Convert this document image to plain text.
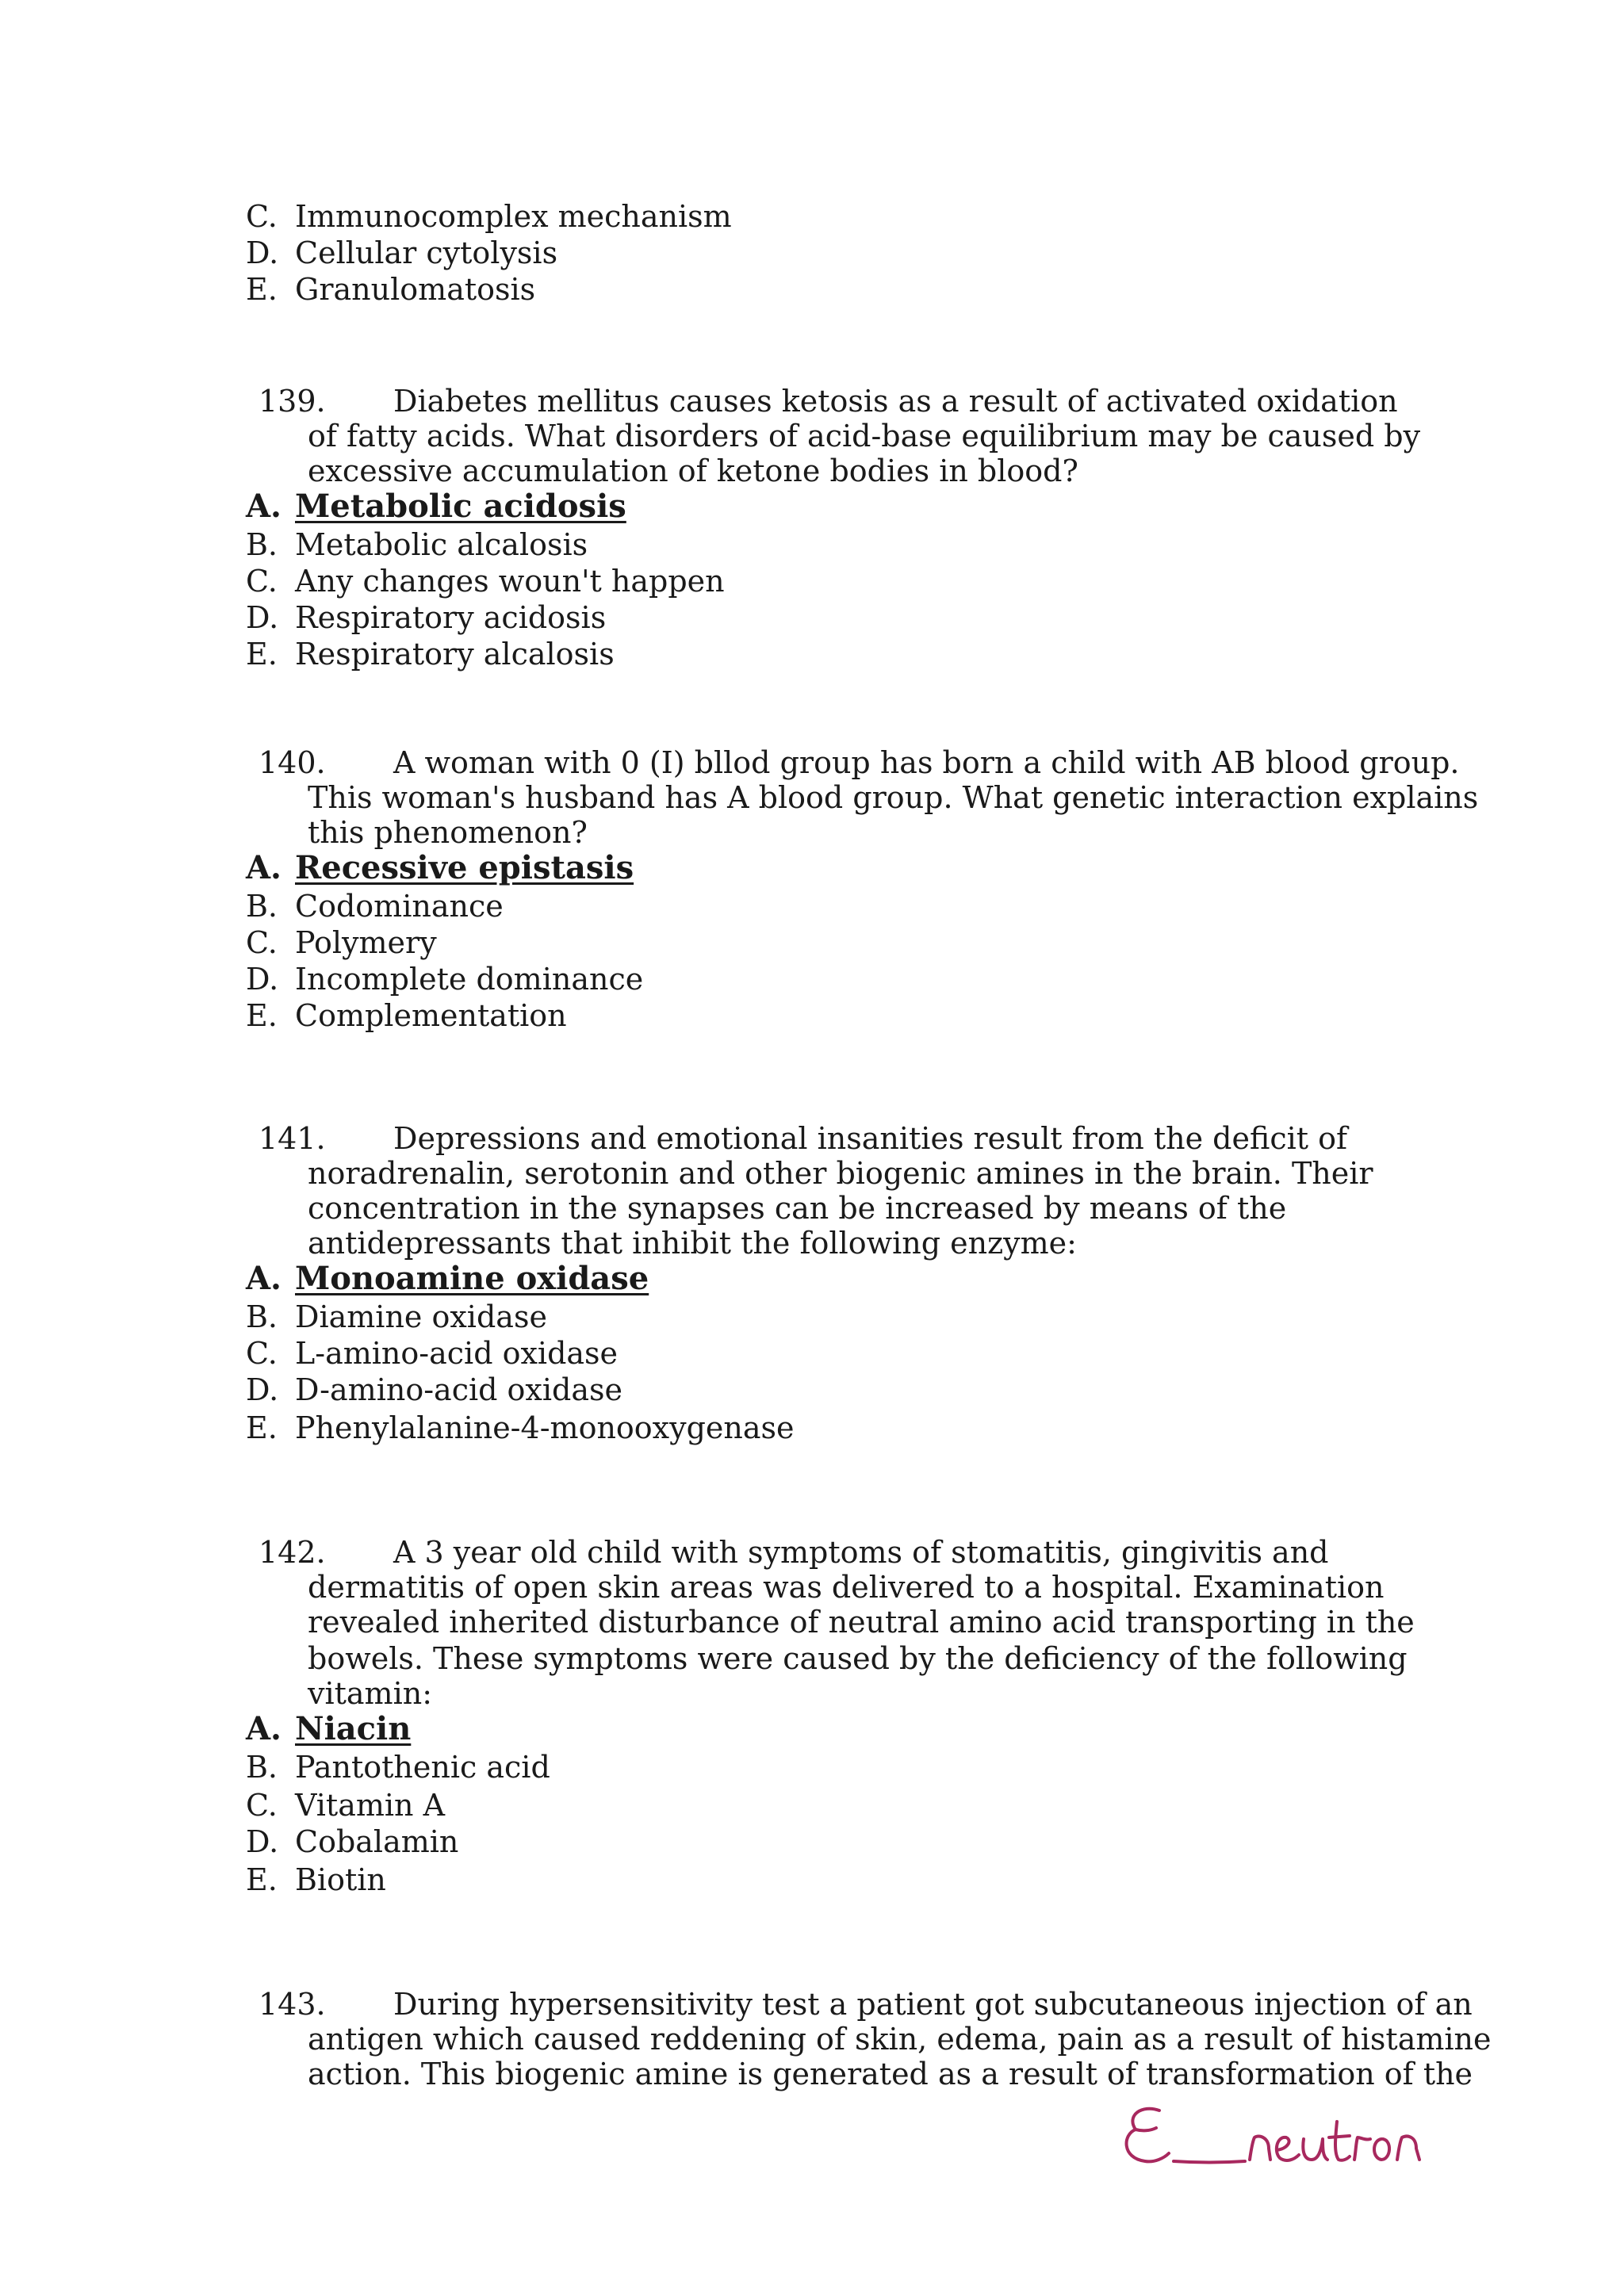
C. Immunocomplex mechanism
D. Cellular cytolysis
E. Granulomatosis
139. Diabetes mellitus causes ketosis as a result of activated oxidation
of fatty acids. What disorders of acid-base equilibrium may be caused by
excessive accumulation of ketone bodies in blood?
A. Metabolic acidosis
B. Metabolic alcalosis
C. Any changes woun't happen
D. Respiratory acidosis
E. Respiratory alcalosis
140. A woman with 0 (I) bllod group has born a child with AB blood group.
This woman's husband has A blood group. What genetic interaction explains
this phenomenon?
A. Recessive epistasis
B. Codominance
C. Polymery
D. Incomplete dominance
E. Complementation
141. Depressions and emotional insanities result from the deficit of
noradrenalin, serotonin and other biogenic amines in the brain. Their
concentration in the synapses can be increased by means of the
antidepressants that inhibit the following enzyme:
A. Monoamine oxidase
B. Diamine oxidase
C. L-amino-acid oxidase
D. D-amino-acid oxidase
E. Phenylalanine-4-monooxygenase
142. A 3 year old child with symptoms of stomatitis, gingivitis and
dermatitis of open skin areas was delivered to a hospital. Examination
revealed inherited disturbance of neutral amino acid transporting in the
bowels. These symptoms were caused by the deficiency of the following
vitamin:
A. Niacin
B. Pantothenic acid
C. Vitamin A
D. Cobalamin
E. Biotin
143. During hypersensitivity test a patient got subcutaneous injection of an
antigen which caused reddening of skin, edema, pain as a result of histamine
action. This biogenic amine is generated as a result of transformation of the
